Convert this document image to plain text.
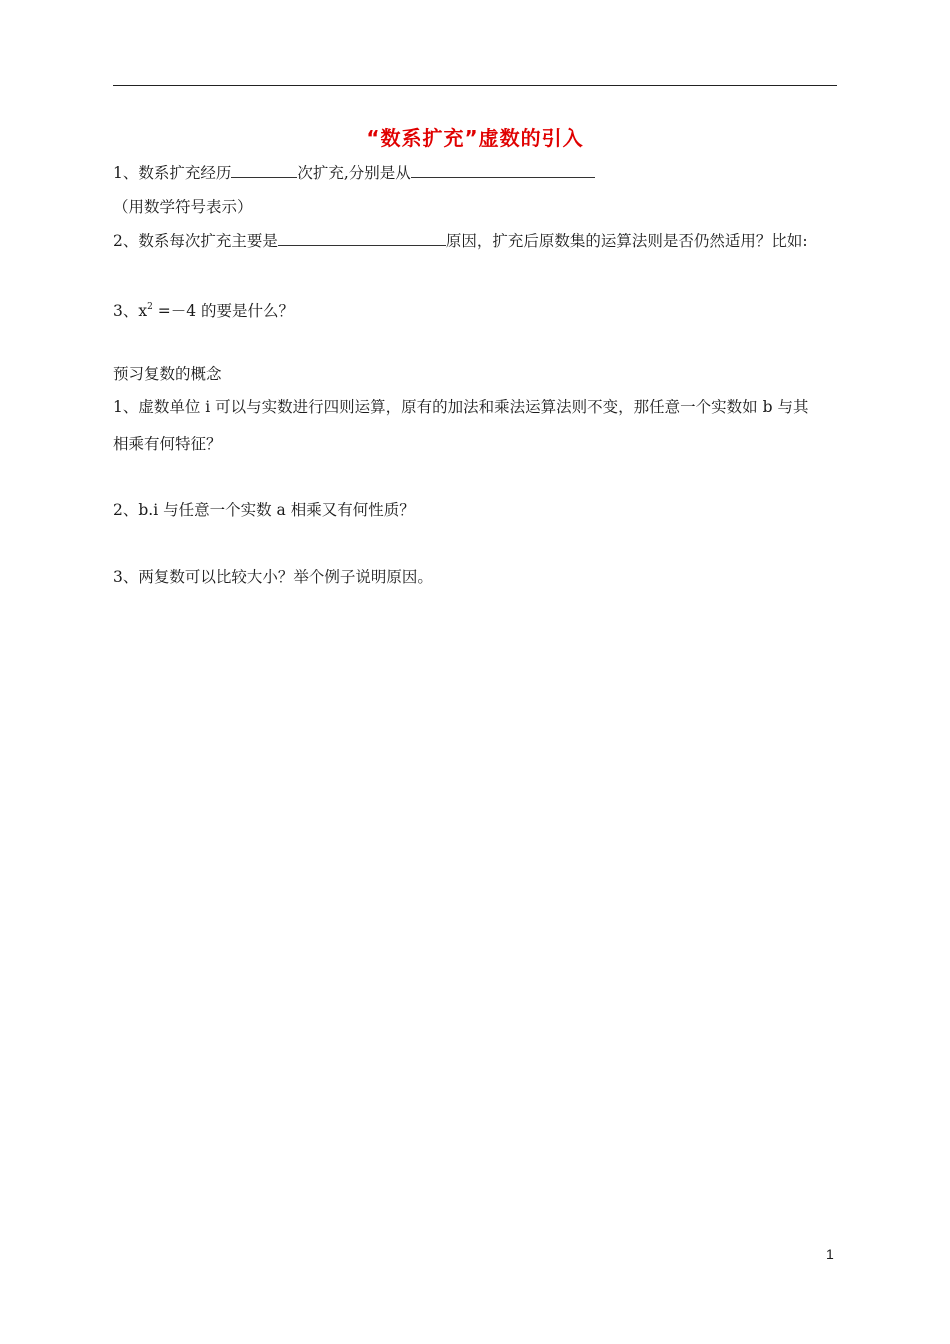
“数系扩充”虚数的引入
1、数系扩充经历	次扩充,分别是从
（用数学符号表示）
2、数系每次扩充主要是	原因，扩充后原数集的运算法则是否仍然适用？比如:
3、$x^2 =-4$ 的要是什么？
预习复数的概念
1、虚数单位 i 可以与实数进行四则运算，原有的加法和乘法运算法则不变，那任意一个实数如 b 与其
相乘有何特征？
2、b.i 与任意一个实数 a 相乘又有何性质？
3、两复数可以比较大小？举个例子说明原因。
1
